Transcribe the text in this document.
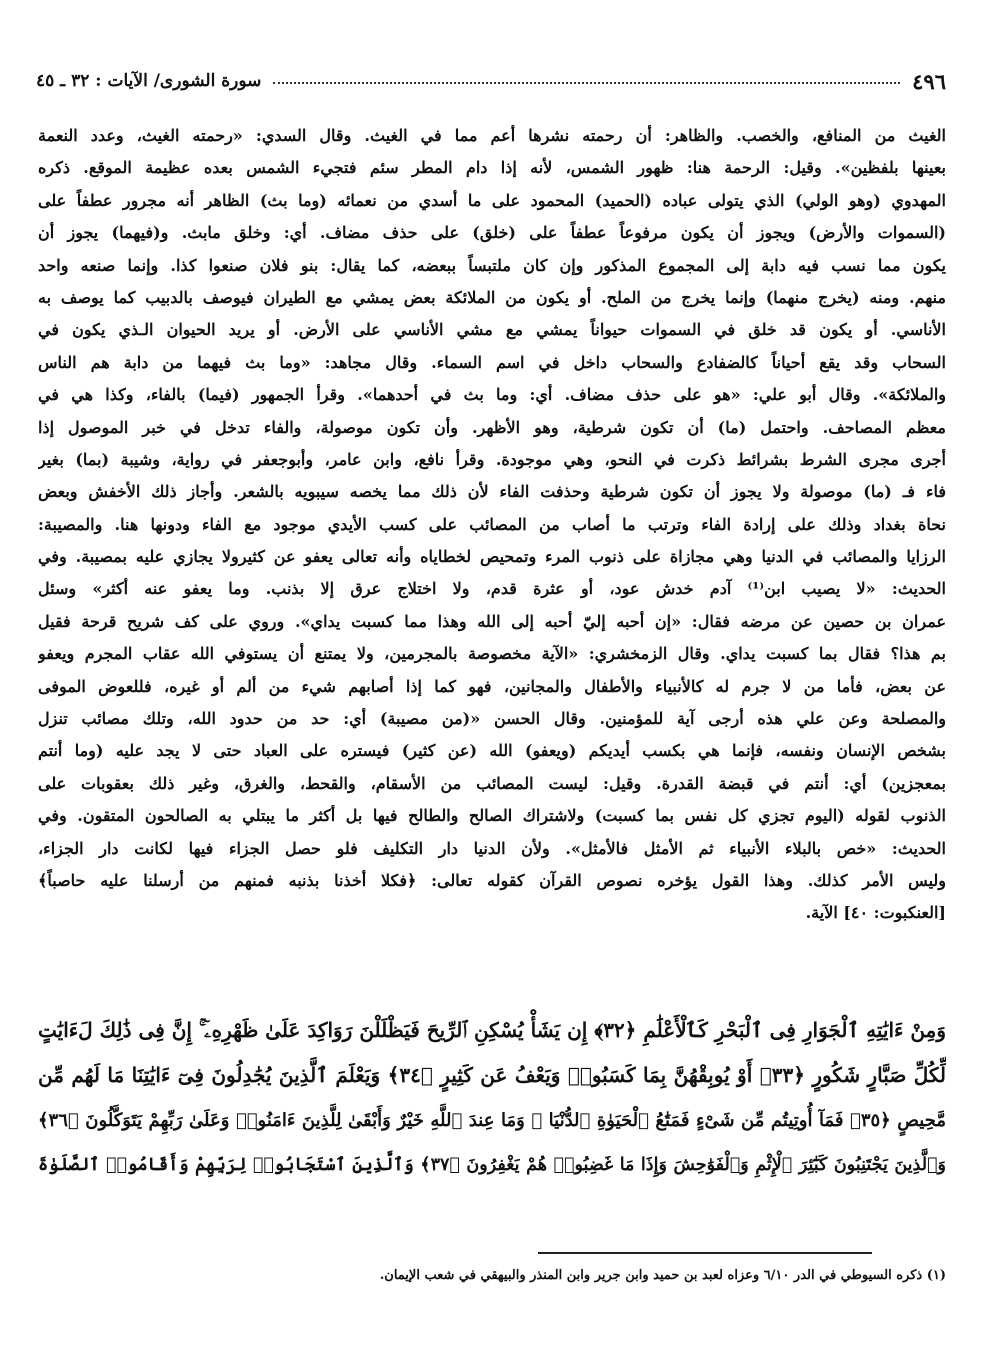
٤٩٦
سورة الشورى/ الآيات : ٣٢ ـ ٤٥
الغيث من المنافع، والخصب. والظاهر: أن رحمته نشرها أعم مما في الغيث. وقال السدي: «رحمته الغيث، وعدد النعمة
بعينها بلفظين». وقيل: الرحمة هنا: ظهور الشمس، لأنه إذا دام المطر سئم فتجيء الشمس بعده عظيمة الموقع. ذكره
المهدوي (وهو الولي) الذي يتولى عباده (الحميد) المحمود على ما أسدي من نعمائه (وما بث) الظاهر أنه مجرور عطفاً على
(السموات والأرض) ويجوز أن يكون مرفوعاً عطفاً على (خلق) على حذف مضاف. أي: وخلق مابث. و(فيهما) يجوز أن
يكون مما نسب فيه دابة إلى المجموع المذكور وإن كان ملتبساً ببعضه، كما يقال: بنو فلان صنعوا كذا. وإنما صنعه واحد
منهم. ومنه (يخرج منهما) وإنما يخرج من الملح. أو يكون من الملائكة بعض يمشي مع الطيران فيوصف بالدبيب كما يوصف به
الأناسي. أو يكون قد خلق في السموات حيواناً يمشي مع مشي الأناسي على الأرض. أو يريد الحيوان الـذي يكون في
السحاب وقد يقع أحياناً كالضفادع والسحاب داخل في اسم السماء. وقال مجاهد: «وما بث فيهما من دابة هم الناس
والملائكة». وقال أبو علي: «هو على حذف مضاف. أي: وما بث في أحدهما». وقرأ الجمهور (فيما) بالفاء، وكذا هي في
معظم المصاحف. واحتمل (ما) أن تكون شرطية، وهو الأظهر. وأن تكون موصولة، والفاء تدخل في خبر الموصول إذا
أجرى مجرى الشرط بشرائط ذكرت في النحو، وهي موجودة. وقرأ نافع، وابن عامر، وأبوجعفر في رواية، وشيبة (بما) بغير
فاء فـ (ما) موصولة ولا يجوز أن تكون شرطية وحذفت الفاء لأن ذلك مما يخصه سيبويه بالشعر. وأجاز ذلك الأخفش وبعض
نحاة بغداد وذلك على إرادة الفاء وترتب ما أصاب من المصائب على كسب الأيدي موجود مع الفاء ودونها هنا. والمصيبة:
الرزايا والمصائب في الدنيا وهي مجازاة على ذنوب المرء وتمحيص لخطاياه وأنه تعالى يعفو عن كثيرولا يجازي عليه بمصيبة. وفي
الحديث: «لا يصيب ابن⁽¹⁾ آدم خدش عود، أو عثرة قدم، ولا اختلاج عرق إلا بذنب. وما يعفو عنه أكثر» وسئل
عمران بن حصين عن مرضه فقال: «إن أحبه إليّ أحبه إلى الله وهذا مما كسبت يداي». وروي على كف شريح قرحة فقيل
بم هذا؟ فقال بما كسبت يداي. وقال الزمخشري: «الآية مخصوصة بالمجرمين، ولا يمتنع أن يستوفي الله عقاب المجرم ويعفو
عن بعض، فأما من لا جرم له كالأنبياء والأطفال والمجانين، فهو كما إذا أصابهم شيء من ألم أو غيره، فللعوض الموفى
والمصلحة وعن علي هذه أرجى آية للمؤمنين. وقال الحسن «(من مصيبة) أي: حد من حدود الله، وتلك مصائب تنزل
بشخص الإنسان ونفسه، فإنما هي بكسب أيديكم (ويعفو) الله (عن كثير) فيستره على العباد حتى لا يجد عليه (وما أنتم
بمعجزين) أي: أنتم في قبضة القدرة. وقيل: ليست المصائب من الأسقام، والقحط، والغرق، وغير ذلك بعقوبات على
الذنوب لقوله (اليوم تجزي كل نفس بما كسبت) ولاشتراك الصالح والطالح فيها بل أكثر ما يبتلي به الصالحون المتقون. وفي
الحديث: «خص بالبلاء الأنبياء ثم الأمثل فالأمثل». ولأن الدنيا دار التكليف فلو حصل الجزاء فيها لكانت دار الجزاء،
وليس الأمر كذلك. وهذا القول يؤخره نصوص القرآن كقوله تعالى: ﴿فكلا أخذنا بذنبه فمنهم من أرسلنا عليه حاصباً﴾
[العنكبوت: ٤٠] الآية.
وَمِنْ ءَايَٰتِهِ ٱلْجَوَارِ فِى ٱلْبَحْرِ كَٱلْأَعْلَٰمِ ﴿٣٢﴾ إِن يَشَأْ يُسْكِنِ ٱلرِّيحَ فَيَظْلَلْنَ رَوَاكِدَ عَلَىٰ ظَهْرِهِۦٓ ۚ إِنَّ فِى ذَٰلِكَ لَءَايَٰتٍ
لِّكُلِّ صَبَّارٍ شَكُورٍ ﴿٣٣﴾ أَوْ يُوبِقْهُنَّ بِمَا كَسَبُوا۟ وَيَعْفُ عَن كَثِيرٍ ﴿٣٤﴾ وَيَعْلَمَ ٱلَّذِينَ يُجَٰدِلُونَ فِىٓ ءَايَٰتِنَا مَا لَهُم مِّن
مَّحِيصٍ ﴿٣٥﴾ فَمَآ أُوتِيتُم مِّن شَىْءٍ فَمَتَٰعُ ٱلْحَيَوٰةِ ٱلدُّنْيَا ۖ وَمَا عِندَ ٱللَّهِ خَيْرٌ وَأَبْقَىٰ لِلَّذِينَ ءَامَنُوا۟ وَعَلَىٰ رَبِّهِمْ يَتَوَكَّلُونَ ﴿٣٦﴾
وَٱلَّذِينَ يَجْتَنِبُونَ كَبَٰٓئِرَ ٱلْإِثْمِ وَٱلْفَوَٰحِشَ وَإِذَا مَا غَضِبُوا۟ هُمْ يَغْفِرُونَ ﴿٣٧﴾ وَٱلَّذِينَ ٱسْتَجَابُوا۟ لِرَبِّهِمْ وَأَقَامُوا۟ ٱلصَّلَوٰةَ
(١) ذكره السيوطي في الدر ٦/١٠ وعزاه لعبد بن حميد وابن جرير وابن المنذر والبيهقي في شعب الإيمان.
